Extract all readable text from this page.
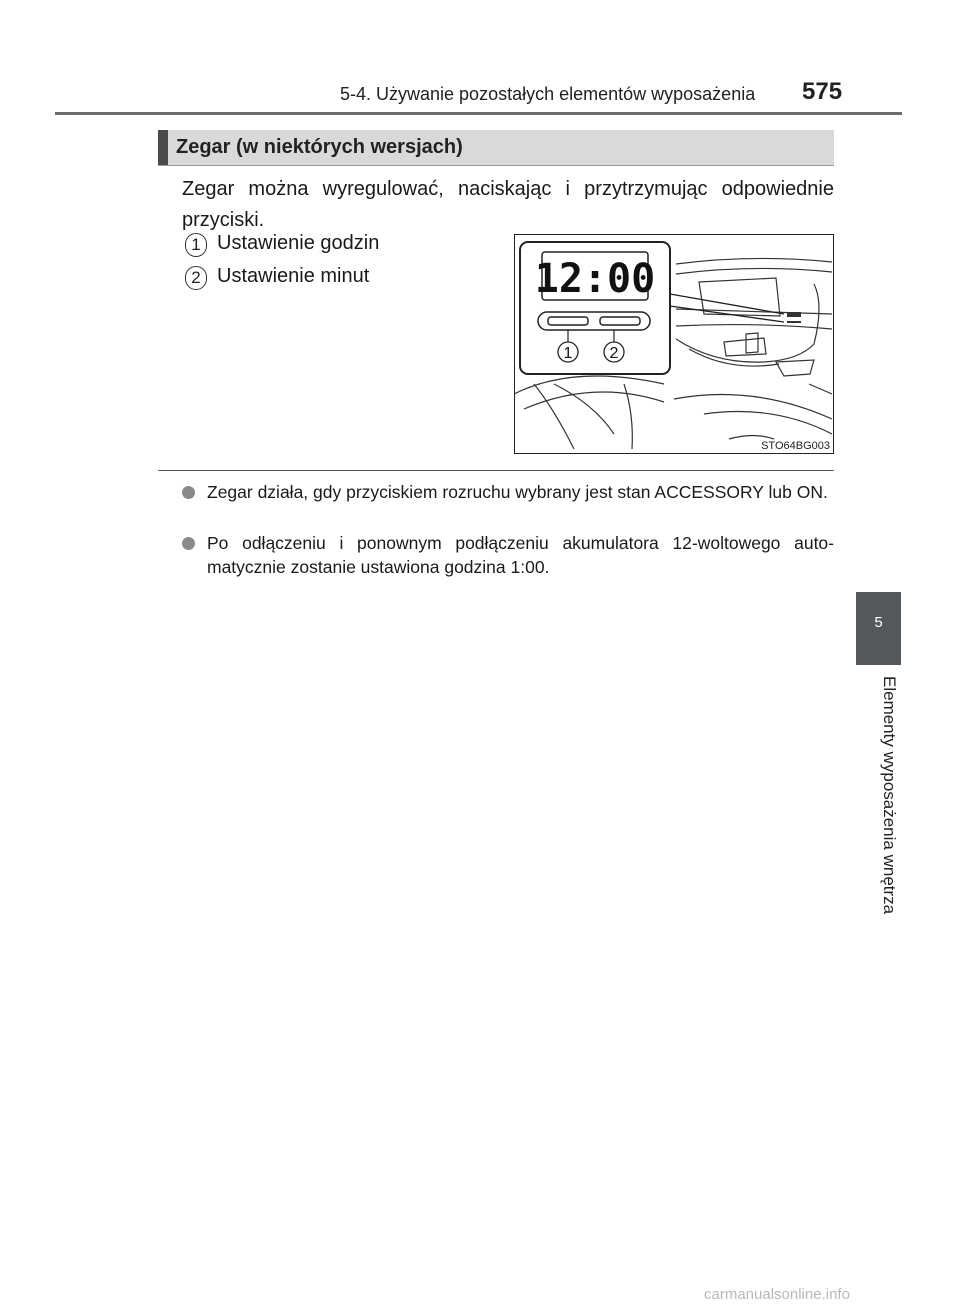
5-4. Używanie pozostałych elementów wyposażenia 575
Zegar (w niektórych wersjach)
Zegar można wyregulować, naciskając i przytrzymując odpowiednie przyciski.
1 Ustawienie godzin
2 Ustawienie minut	12:00
1 2
STO64BG003
Zegar działa, gdy przyciskiem rozruchu wybrany jest stan ACCESSORY lub ON.
Po odłączeniu i ponownym podłączeniu akumulatora 12-woltowego auto-matycznie zostanie ustawiona godzina 1:00.
5
Elementy wyposażenia wnętrza
carmanualsonline.info
